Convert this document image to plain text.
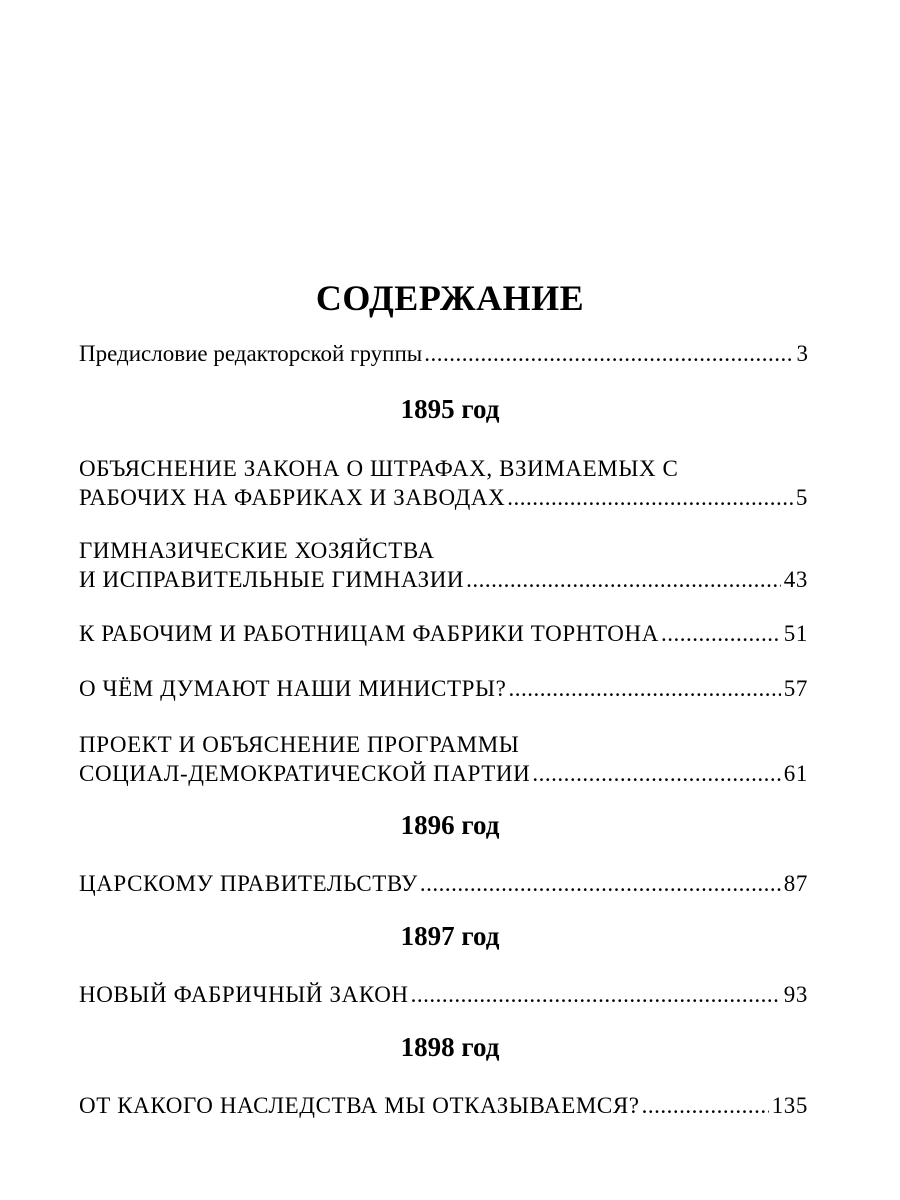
СОДЕРЖАНИЕ
Предисловие редакторской группы .....	3
1895 год
ОБЪЯСНЕНИЕ ЗАКОНА О ШТРАФАХ, ВЗИМАЕМЫХ С
РАБОЧИХ НА ФАБРИКАХ И ЗАВОДАХ .....	5
ГИМНАЗИЧЕСКИЕ ХОЗЯЙСТВА
И ИСПРАВИТЕЛЬНЫЕ ГИМНАЗИИ .....	43
К РАБОЧИМ И РАБОТНИЦАМ ФАБРИКИ ТОРНТОНА .....	51
О ЧЁМ ДУМАЮТ НАШИ МИНИСТРЫ? .....	57
ПРОЕКТ И ОБЪЯСНЕНИЕ ПРОГРАММЫ
СОЦИАЛ-ДЕМОКРАТИЧЕСКОЙ ПАРТИИ .....	61
1896 год
ЦАРСКОМУ ПРАВИТЕЛЬСТВУ .....	87
1897 год
НОВЫЙ ФАБРИЧНЫЙ ЗАКОН .....	93
1898 год
ОТ КАКОГО НАСЛЕДСТВА МЫ ОТКАЗЫВАЕМСЯ? .....	135
